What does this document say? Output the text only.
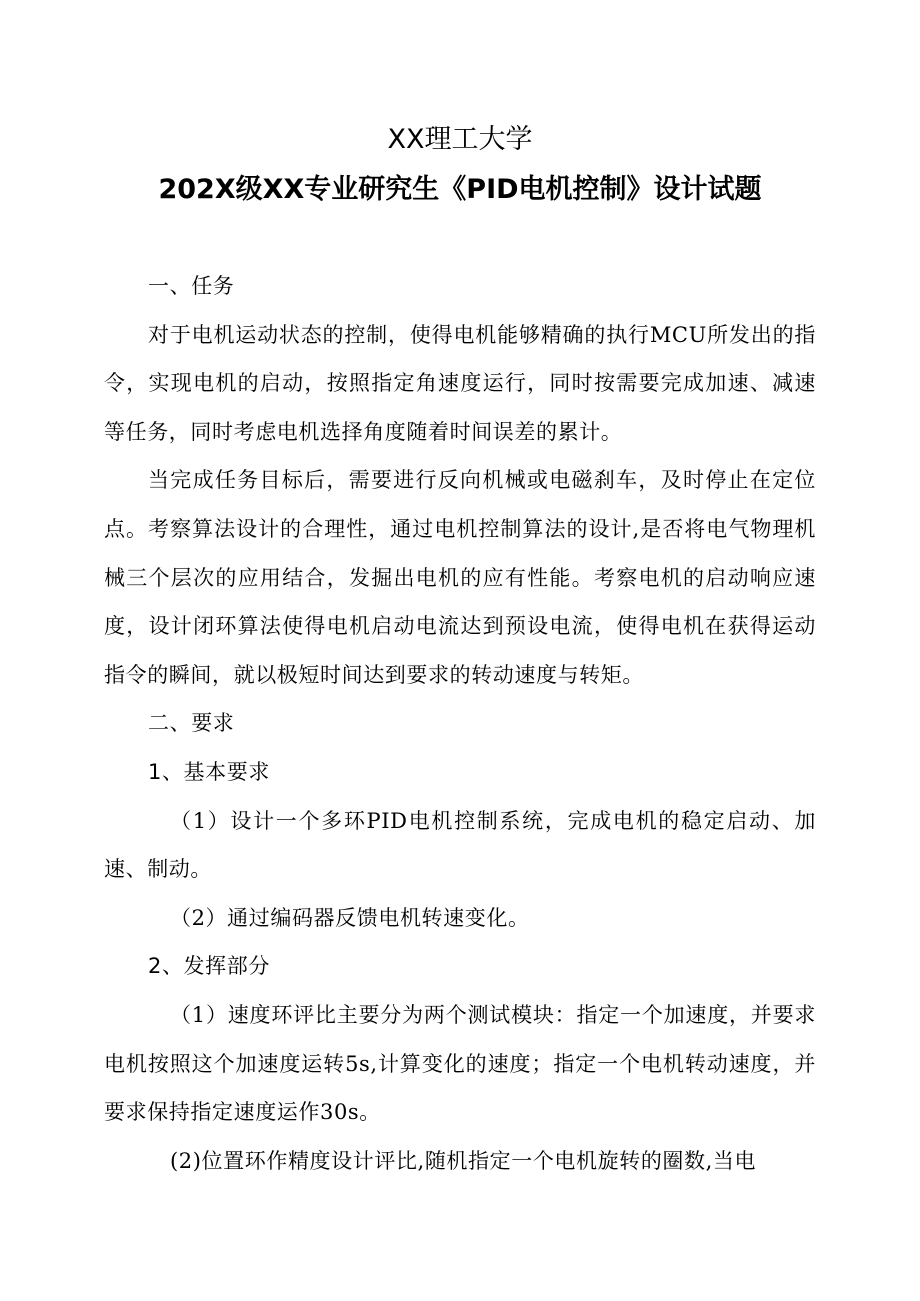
XX理工大学
202X级XX专业研究生《PID电机控制》设计试题

一、任务

对于电机运动状态的控制，使得电机能够精确的执行MCU所发出的指令，实现电机的启动，按照指定角速度运行，同时按需要完成加速、减速等任务，同时考虑电机选择角度随着时间误差的累计。

当完成任务目标后，需要进行反向机械或电磁刹车，及时停止在定位点。考察算法设计的合理性，通过电机控制算法的设计,是否将电气物理机械三个层次的应用结合，发掘出电机的应有性能。考察电机的启动响应速度，设计闭环算法使得电机启动电流达到预设电流，使得电机在获得运动指令的瞬间，就以极短时间达到要求的转动速度与转矩。

二、要求

1、基本要求

（1）设计一个多环PID电机控制系统，完成电机的稳定启动、加速、制动。

（2）通过编码器反馈电机转速变化。

2、发挥部分

（1）速度环评比主要分为两个测试模块：指定一个加速度，并要求电机按照这个加速度运转5s,计算变化的速度；指定一个电机转动速度，并要求保持指定速度运作30s。

(2)位置环作精度设计评比,随机指定一个电机旋转的圈数,当电
